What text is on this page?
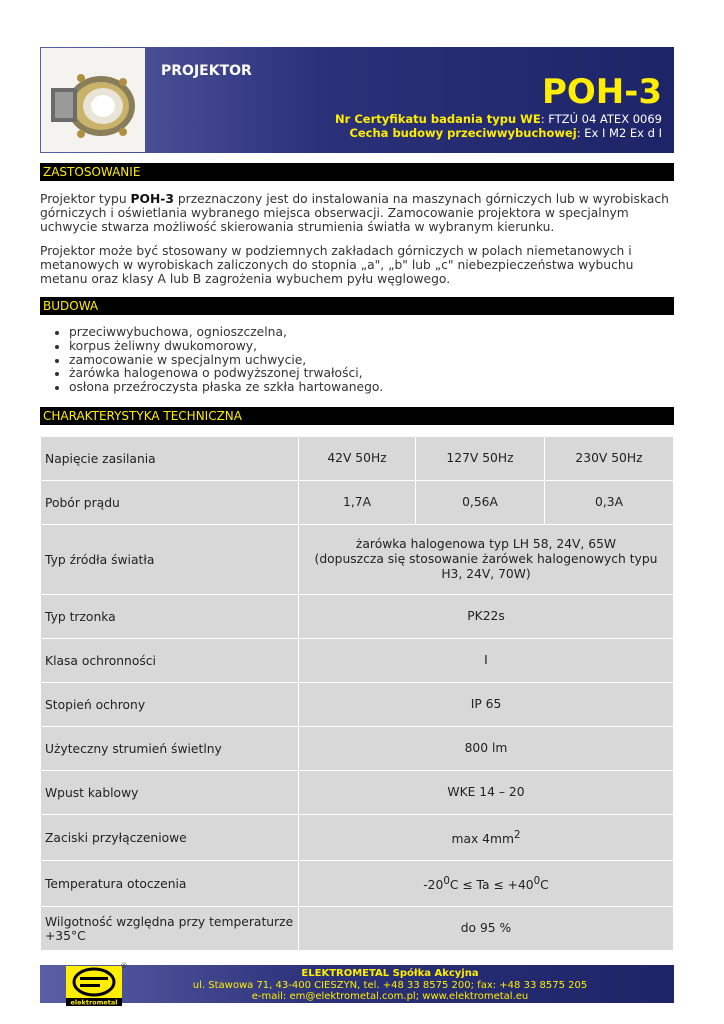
PROJEKTOR
POH-3
Nr Certyfikatu badania typu WE: FTZÚ 04 ATEX 0069
Cecha budowy przeciwwybuchowej: Ex I M2 Ex d I
ZASTOSOWANIE

Projektor typu POH-3 przeznaczony jest do instalowania na maszynach górniczych lub w wyrobiskach górniczych i oświetlania wybranego miejsca obserwacji. Zamocowanie projektora w specjalnym uchwycie stwarza możliwość skierowania strumienia światła w wybranym kierunku.

Projektor może być stosowany w podziemnych zakładach górniczych w polach niemetanowych i metanowych w wyrobiskach zaliczonych do stopnia „a", „b" lub „c" niebezpieczeństwa wybuchu metanu oraz klasy A lub B zagrożenia wybuchem pyłu węglowego.

BUDOWA
• przeciwwybuchowa, ognioszczelna,
• korpus żeliwny dwukomorowy,
• zamocowanie w specjalnym uchwycie,
• żarówka halogenowa o podwyższonej trwałości,
• osłona przeźroczysta płaska ze szkła hartowanego.
CHARAKTERYSTYKA TECHNICZNA
Napięcie zasilania	42V 50Hz	127V 50Hz	230V 50Hz
Pobór prądu	1,7A	0,56A	0,3A
Typ źródła światła	żarówka halogenowa typ LH 58, 24V, 65W
(dopuszcza się stosowanie żarówek halogenowych typu H3, 24V, 70W)		

Typ trzonka	PK22s		
Klasa ochronności	I		
Stopień ochrony	IP 65		
Użyteczny strumień świetlny	800 lm		
Wpust kablowy	WKE 14 – 20		
Zaciski przyłączeniowe	$\max 4mm^2$
Temperatura otoczenia	$-20^0C \le Ta \le +40^0C$		
Wilgotność względna przy temperaturze +35°C	do 95 %		
elektrometal
®
ELEKTROMETAL Spółka Akcyjna
ul. Stawowa 71, 43-400 CIESZYN, tel. +48 33 8575 200; fax: +48 33 8575 205
e-mail: em@elektrometal.com.pl; www.elektrometal.eu
